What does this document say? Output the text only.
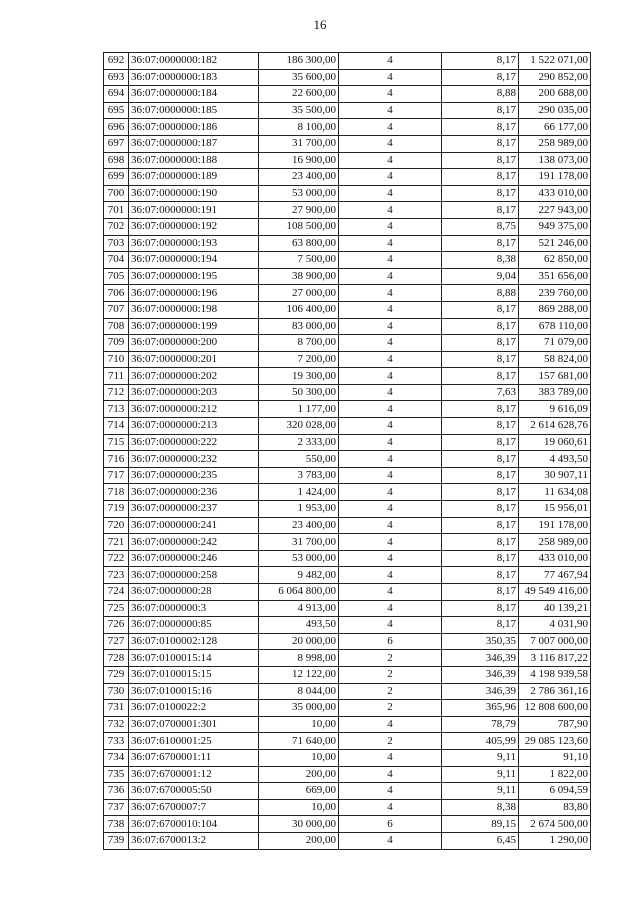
16
692	36:07:0000000:182	186 300,00	4	8,17	1 522 071,00
693	36:07:0000000:183	35 600,00	4	8,17	290 852,00
694	36:07:0000000:184	22 600,00	4	8,88	200 688,00
695	36:07:0000000:185	35 500,00	4	8,17	290 035,00
696	36:07:0000000:186	8 100,00	4	8,17	66 177,00
697	36:07:0000000:187	31 700,00	4	8,17	258 989,00
698	36:07:0000000:188	16 900,00	4	8,17	138 073,00
699	36:07:0000000:189	23 400,00	4	8,17	191 178,00
700	36:07:0000000:190	53 000,00	4	8,17	433 010,00
701	36:07:0000000:191	27 900,00	4	8,17	227 943,00
702	36:07:0000000:192	108 500,00	4	8,75	949 375,00
703	36:07:0000000:193	63 800,00	4	8,17	521 246,00
704	36:07:0000000:194	7 500,00	4	8,38	62 850,00
705	36:07:0000000:195	38 900,00	4	9,04	351 656,00
706	36:07:0000000:196	27 000,00	4	8,88	239 760,00
707	36:07:0000000:198	106 400,00	4	8,17	869 288,00
708	36:07:0000000:199	83 000,00	4	8,17	678 110,00
709	36:07:0000000:200	8 700,00	4	8,17	71 079,00
710	36:07:0000000:201	7 200,00	4	8,17	58 824,00
711	36:07:0000000:202	19 300,00	4	8,17	157 681,00
712	36:07:0000000:203	50 300,00	4	7,63	383 789,00
713	36:07:0000000:212	1 177,00	4	8,17	9 616,09
714	36:07:0000000:213	320 028,00	4	8,17	2 614 628,76
715	36:07:0000000:222	2 333,00	4	8,17	19 060,61
716	36:07:0000000:232	550,00	4	8,17	4 493,50
717	36:07:0000000:235	3 783,00	4	8,17	30 907,11
718	36:07:0000000:236	1 424,00	4	8,17	11 634,08
719	36:07:0000000:237	1 953,00	4	8,17	15 956,01
720	36:07:0000000:241	23 400,00	4	8,17	191 178,00
721	36:07:0000000:242	31 700,00	4	8,17	258 989,00
722	36:07:0000000:246	53 000,00	4	8,17	433 010,00
723	36:07:0000000:258	9 482,00	4	8,17	77 467,94
724	36:07:0000000:28	6 064 800,00	4	8,17	49 549 416,00
725	36:07:0000000:3	4 913,00	4	8,17	40 139,21
726	36:07:0000000:85	493,50	4	8,17	4 031,90
727	36:07:0100002:128	20 000,00	6	350,35	7 007 000,00
728	36:07:0100015:14	8 998,00	2	346,39	3 116 817,22
729	36:07:0100015:15	12 122,00	2	346,39	4 198 939,58
730	36:07:0100015:16	8 044,00	2	346,39	2 786 361,16
731	36:07:0100022:2	35 000,00	2	365,96	12 808 600,00
732	36:07:0700001:301	10,00	4	78,79	787,90
733	36:07:6100001:25	71 640,00	2	405,99	29 085 123,60
734	36:07:6700001:11	10,00	4	9,11	91,10
735	36:07:6700001:12	200,00	4	9,11	1 822,00
736	36:07:6700005:50	669,00	4	9,11	6 094,59
737	36:07:6700007:7	10,00	4	8,38	83,80
738	36:07:6700010:104	30 000,00	6	89,15	2 674 500,00
739	36:07:6700013:2	200,00	4	6,45	1 290,00
